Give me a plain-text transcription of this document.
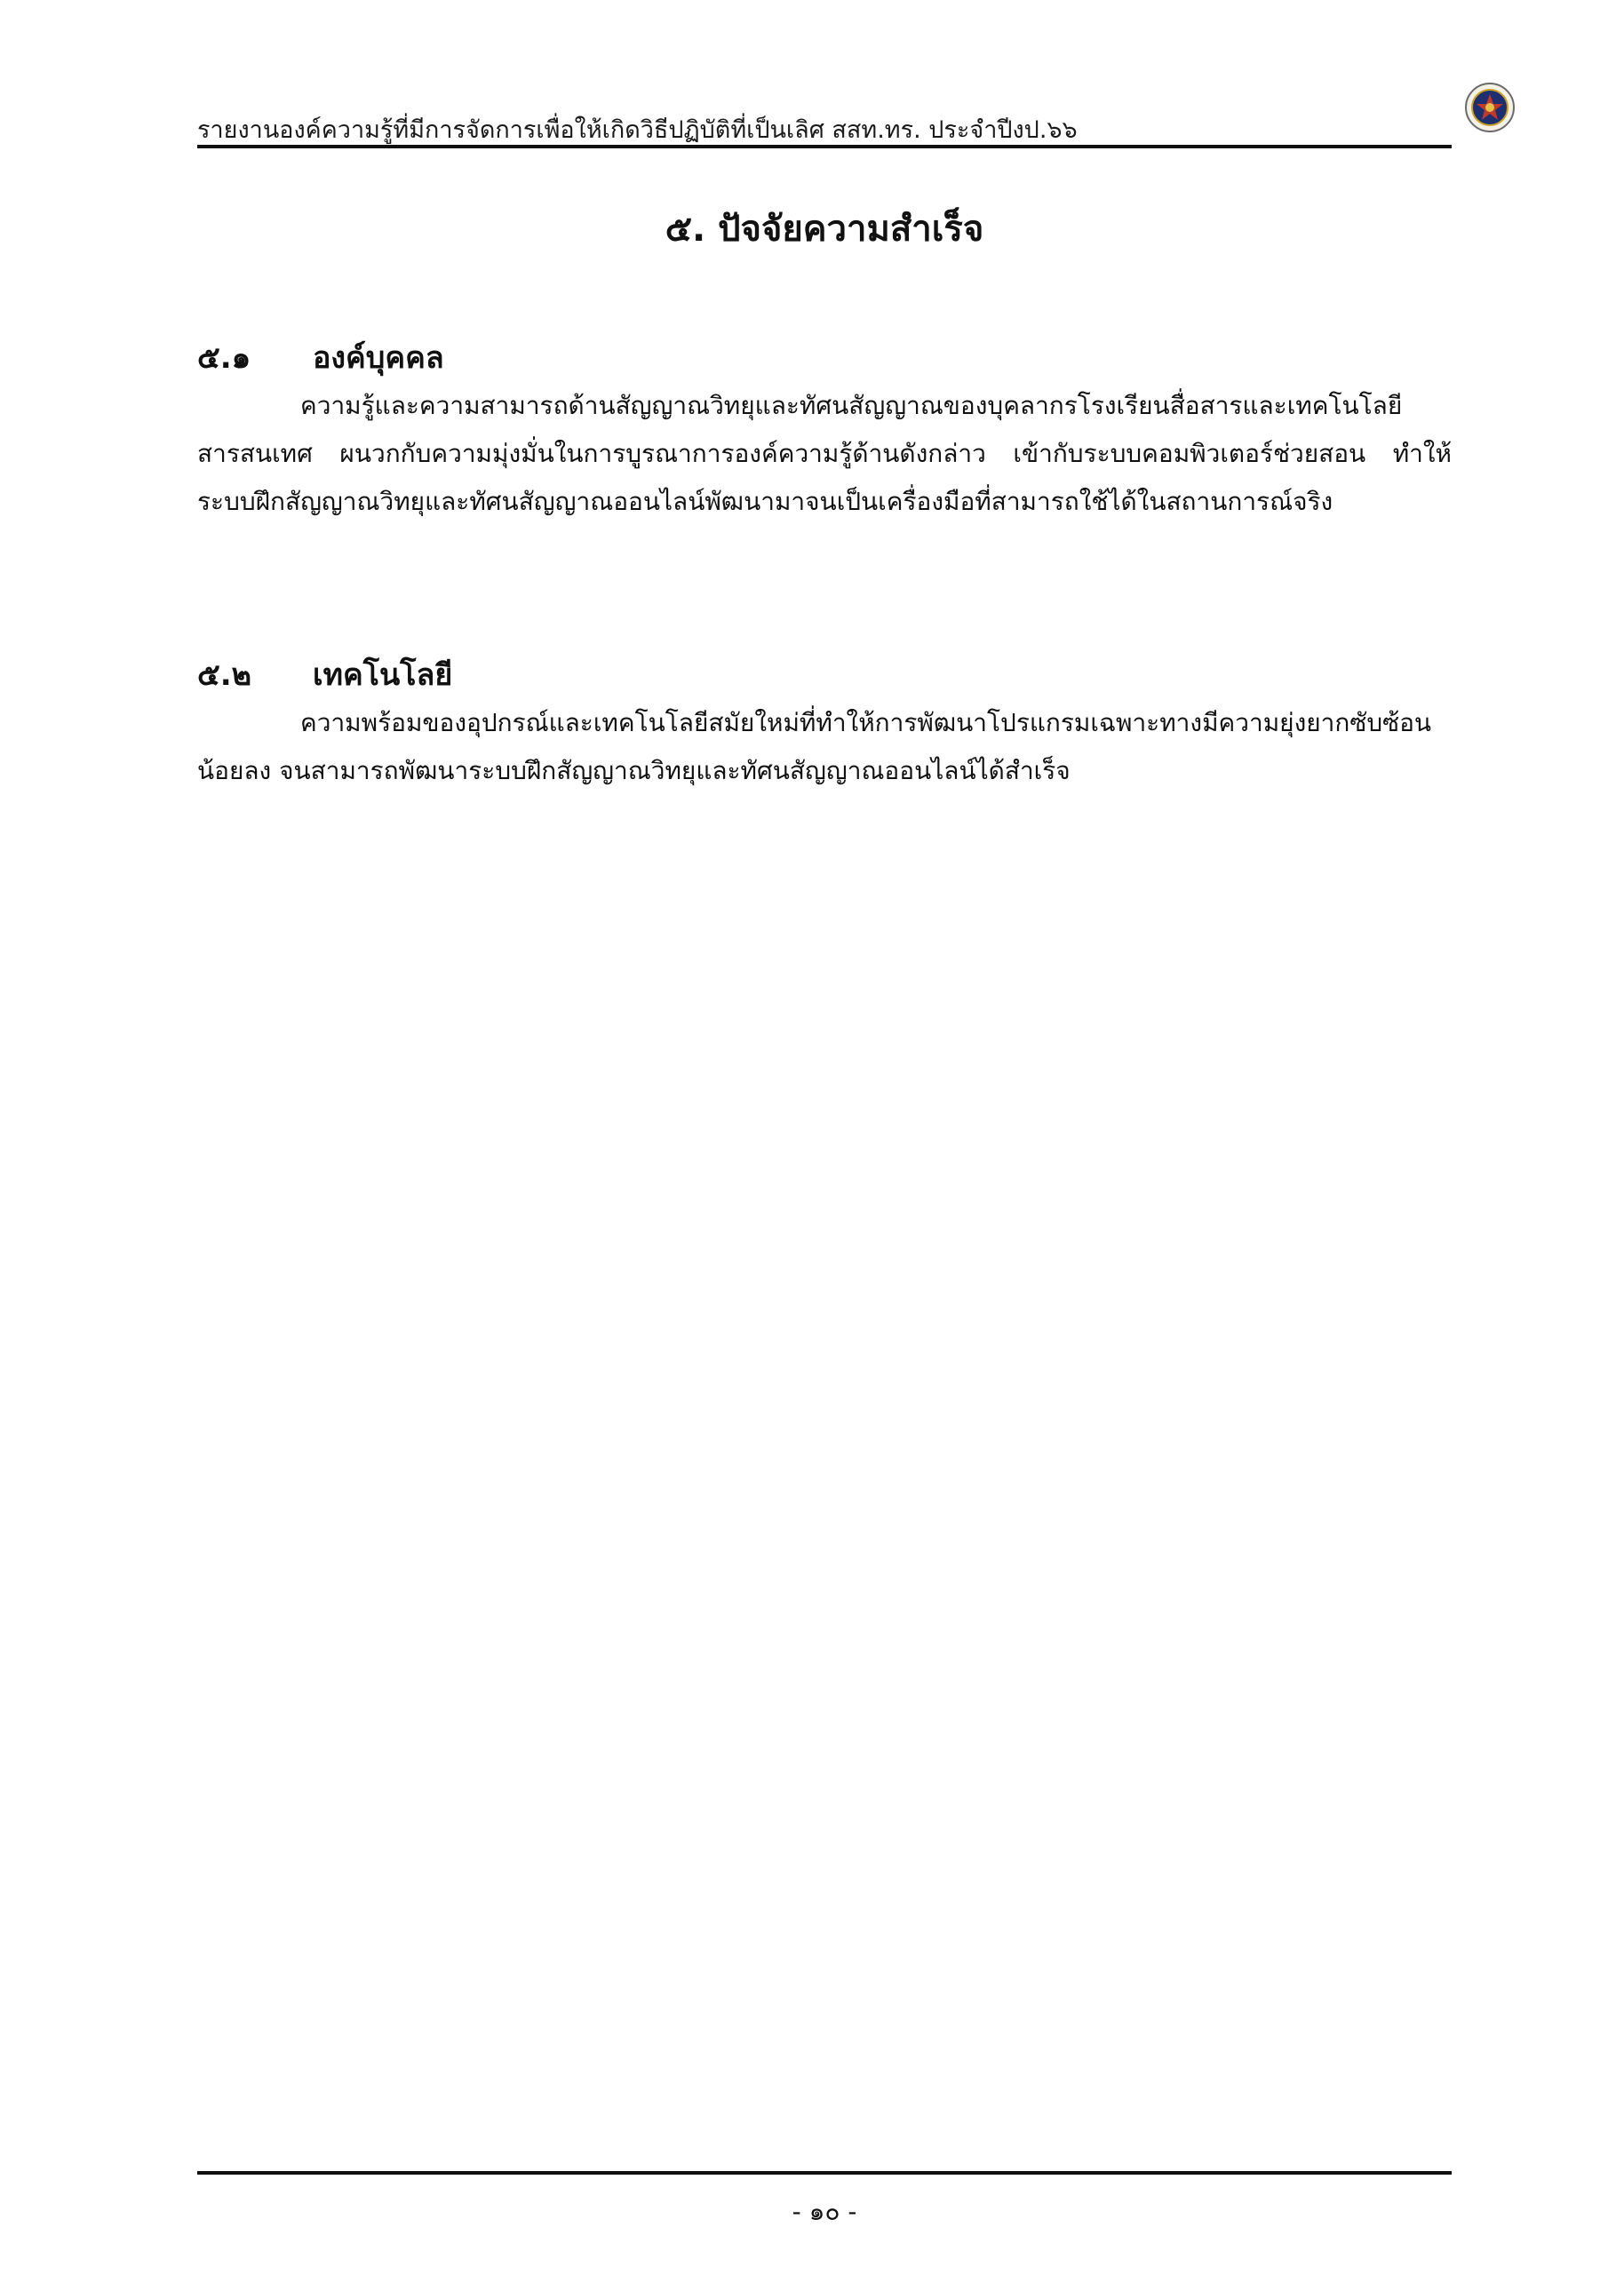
รายงานองค์ความรู้ที่มีการจัดการเพื่อให้เกิดวิธีปฏิบัติที่เป็นเลิศ สสท.ทร. ประจำปีงป.๖๖
๕. ปัจจัยความสำเร็จ
๕.๑ องค์บุคคล

ความรู้และความสามารถด้านสัญญาณวิทยุและทัศนสัญญาณของบุคลากรโรงเรียนสื่อสารและเทคโนโลยีสารสนเทศ ผนวกกับความมุ่งมั่นในการบูรณาการองค์ความรู้ด้านดังกล่าว เข้ากับระบบคอมพิวเตอร์ช่วยสอน ทำให้ระบบฝึกสัญญาณวิทยุและทัศนสัญญาณออนไลน์พัฒนามาจนเป็นเครื่องมือที่สามารถใช้ได้ในสถานการณ์จริง

๕.๒ เทคโนโลยี

ความพร้อมของอุปกรณ์และเทคโนโลยีสมัยใหม่ที่ทำให้การพัฒนาโปรแกรมเฉพาะทางมีความยุ่งยากซับซ้อนน้อยลง จนสามารถพัฒนาระบบฝึกสัญญาณวิทยุและทัศนสัญญาณออนไลน์ได้สำเร็จ

- ๑๐ -
